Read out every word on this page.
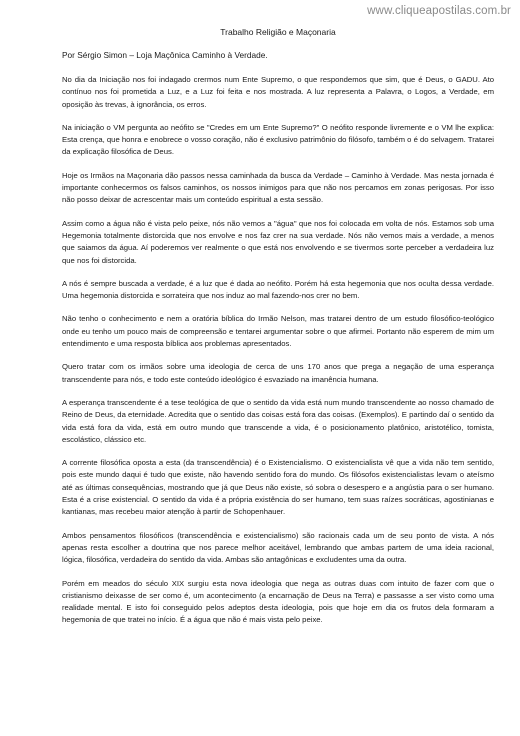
www.cliqueapostilas.com.br
Trabalho Religião e Maçonaria

Por Sérgio Simon – Loja Maçônica Caminho à Verdade.

No dia da Iniciação nos foi indagado crermos num Ente Supremo, o que respondemos que sim, que é Deus, o GADU. Ato contínuo nos foi prometida a Luz, e a Luz foi feita e nos mostrada. A luz representa a Palavra, o Logos, a Verdade, em oposição às trevas, à ignorância, os erros.

Na iniciação o VM pergunta ao neófito se "Credes em um Ente Supremo?" O neófito responde livremente e o VM lhe explica: Esta crença, que honra e enobrece o vosso coração, não é exclusivo patrimônio do filósofo, também o é do selvagem. Tratarei da explicação filosófica de Deus.

Hoje os Irmãos na Maçonaria dão passos nessa caminhada da busca da Verdade – Caminho à Verdade. Mas nesta jornada é importante conhecermos os falsos caminhos, os nossos inimigos para que não nos percamos em zonas perigosas. Por isso não posso deixar de acrescentar mais um conteúdo espiritual a esta sessão.

Assim como a água não é vista pelo peixe, nós não vemos a "água" que nos foi colocada em volta de nós. Estamos sob uma Hegemonia totalmente distorcida que nos envolve e nos faz crer na sua verdade. Nós não vemos mais a verdade, a menos que saiamos da água. Aí poderemos ver realmente o que está nos envolvendo e se tivermos sorte perceber a verdadeira luz que nos foi distorcida.

A nós é sempre buscada a verdade, é a luz que é dada ao neófito. Porém há esta hegemonia que nos oculta dessa verdade. Uma hegemonia distorcida e sorrateira que nos induz ao mal fazendo-nos crer no bem.

Não tenho o conhecimento e nem a oratória bíblica do Irmão Nelson, mas tratarei dentro de um estudo filosófico-teológico onde eu tenho um pouco mais de compreensão e tentarei argumentar sobre o que afirmei. Portanto não esperem de mim um entendimento e uma resposta bíblica aos problemas apresentados.

Quero tratar com os irmãos sobre uma ideologia de cerca de uns 170 anos que prega a negação de uma esperança transcendente para nós, e todo este conteúdo ideológico é esvaziado na imanência humana.

A esperança transcendente é a tese teológica de que o sentido da vida está num mundo transcendente ao nosso chamado de Reino de Deus, da eternidade. Acredita que o sentido das coisas está fora das coisas. (Exemplos). E partindo daí o sentido da vida está fora da vida, está em outro mundo que transcende a vida, é o posicionamento platônico, aristotélico, tomista, escolástico, clássico etc.

A corrente filosófica oposta a esta (da transcendência) é o Existencialismo. O existencialista vê que a vida não tem sentido, pois este mundo daqui é tudo que existe, não havendo sentido fora do mundo. Os filósofos existencialistas levam o ateísmo até as últimas consequências, mostrando que já que Deus não existe, só sobra o desespero e a angústia para o ser humano. Esta é a crise existencial. O sentido da vida é a própria existência do ser humano, tem suas raízes socráticas, agostinianas e kantianas, mas recebeu maior atenção à partir de Schopenhauer.

Ambos pensamentos filosóficos (transcendência e existencialismo) são racionais cada um de seu ponto de vista. A nós apenas resta escolher a doutrina que nos parece melhor aceitável, lembrando que ambas partem de uma ideia racional, lógica, filosófica, verdadeira do sentido da vida. Ambas são antagônicas e excludentes uma da outra.

Porém em meados do século XIX surgiu esta nova ideologia que nega as outras duas com intuito de fazer com que o cristianismo deixasse de ser como é, um acontecimento (a encarnação de Deus na Terra) e passasse a ser visto como uma realidade mental. E isto foi conseguido pelos adeptos desta ideologia, pois que hoje em dia os frutos dela formaram a hegemonia de que tratei no início. É a água que não é mais vista pelo peixe.
